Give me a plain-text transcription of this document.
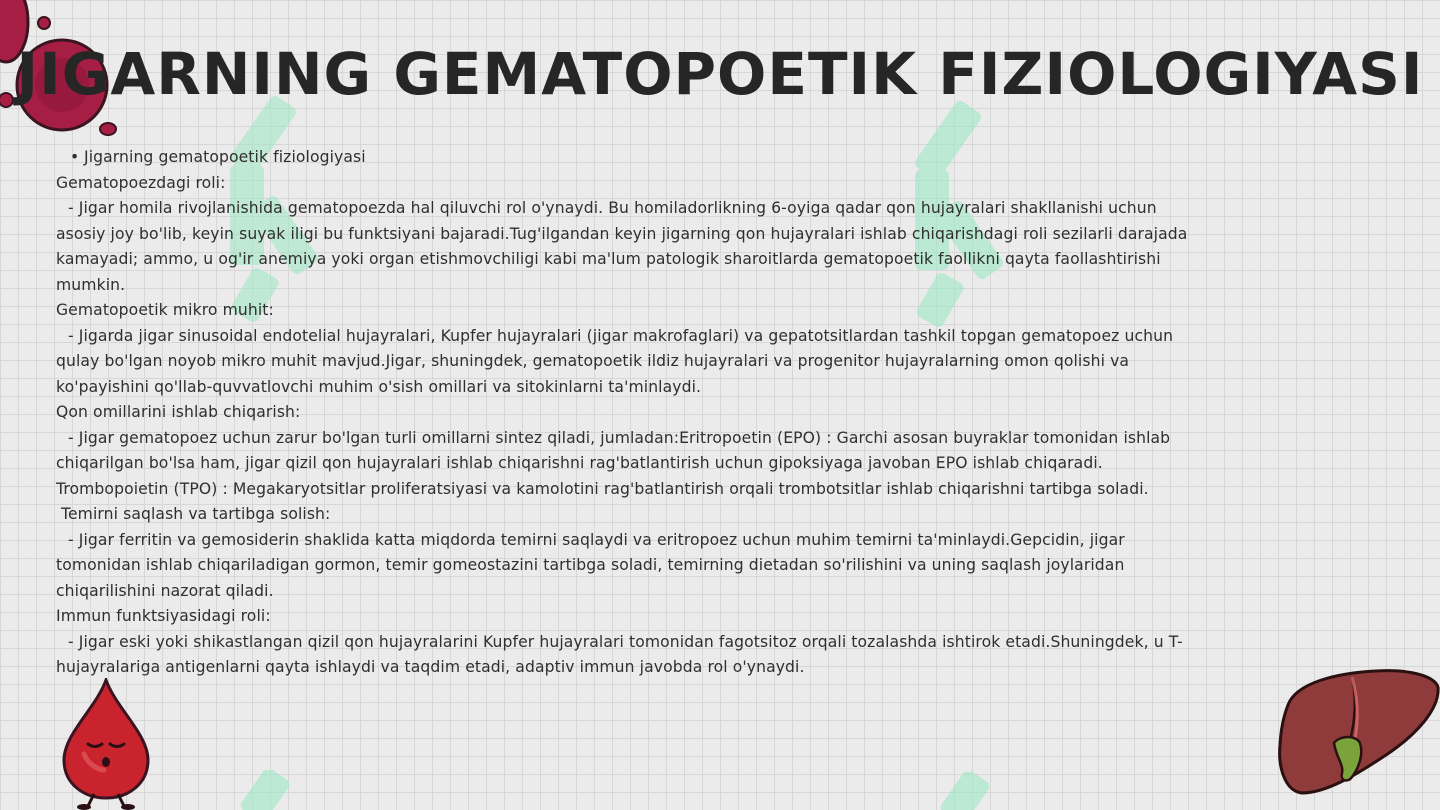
JIGARNING GEMATOPOETIK FIZIOLOGIYASI
• Jigarning gematopoetik fiziologiyasi
Gematopoezdagi roli:
- Jigar homila rivojlanishida gematopoezda hal qiluvchi rol o'ynaydi. Bu homiladorlikning 6-oyiga qadar qon hujayralari shakllanishi uchun
asosiy joy bo'lib, keyin suyak iligi bu funktsiyani bajaradi.Tug'ilgandan keyin jigarning qon hujayralari ishlab chiqarishdagi roli sezilarli darajada
kamayadi; ammo, u og'ir anemiya yoki organ etishmovchiligi kabi ma'lum patologik sharoitlarda gematopoetik faollikni qayta faollashtirishi
mumkin.
Gematopoetik mikro muhit:
- Jigarda jigar sinusoidal endotelial hujayralari, Kupfer hujayralari (jigar makrofaglari) va gepatotsitlardan tashkil topgan gematopoez uchun
qulay bo'lgan noyob mikro muhit mavjud.Jigar, shuningdek, gematopoetik ildiz hujayralari va progenitor hujayralarning omon qolishi va
ko'payishini qo'llab-quvvatlovchi muhim o'sish omillari va sitokinlarni ta'minlaydi.
Qon omillarini ishlab chiqarish:
- Jigar gematopoez uchun zarur bo'lgan turli omillarni sintez qiladi, jumladan:Eritropoetin (EPO) : Garchi asosan buyraklar tomonidan ishlab
chiqarilgan bo'lsa ham, jigar qizil qon hujayralari ishlab chiqarishni rag'batlantirish uchun gipoksiyaga javoban EPO ishlab chiqaradi.
Trombopoietin (TPO) : Megakaryotsitlar proliferatsiyasi va kamolotini rag'batlantirish orqali trombotsitlar ishlab chiqarishni tartibga soladi.
Temirni saqlash va tartibga solish:
- Jigar ferritin va gemosiderin shaklida katta miqdorda temirni saqlaydi va eritropoez uchun muhim temirni ta'minlaydi.Gepcidin, jigar
tomonidan ishlab chiqariladigan gormon, temir gomeostazini tartibga soladi, temirning dietadan so'rilishini va uning saqlash joylaridan
chiqarilishini nazorat qiladi.
Immun funktsiyasidagi roli:
- Jigar eski yoki shikastlangan qizil qon hujayralarini Kupfer hujayralari tomonidan fagotsitoz orqali tozalashda ishtirok etadi.Shuningdek, u T-
hujayralariga antigenlarni qayta ishlaydi va taqdim etadi, adaptiv immun javobda rol o'ynaydi.
